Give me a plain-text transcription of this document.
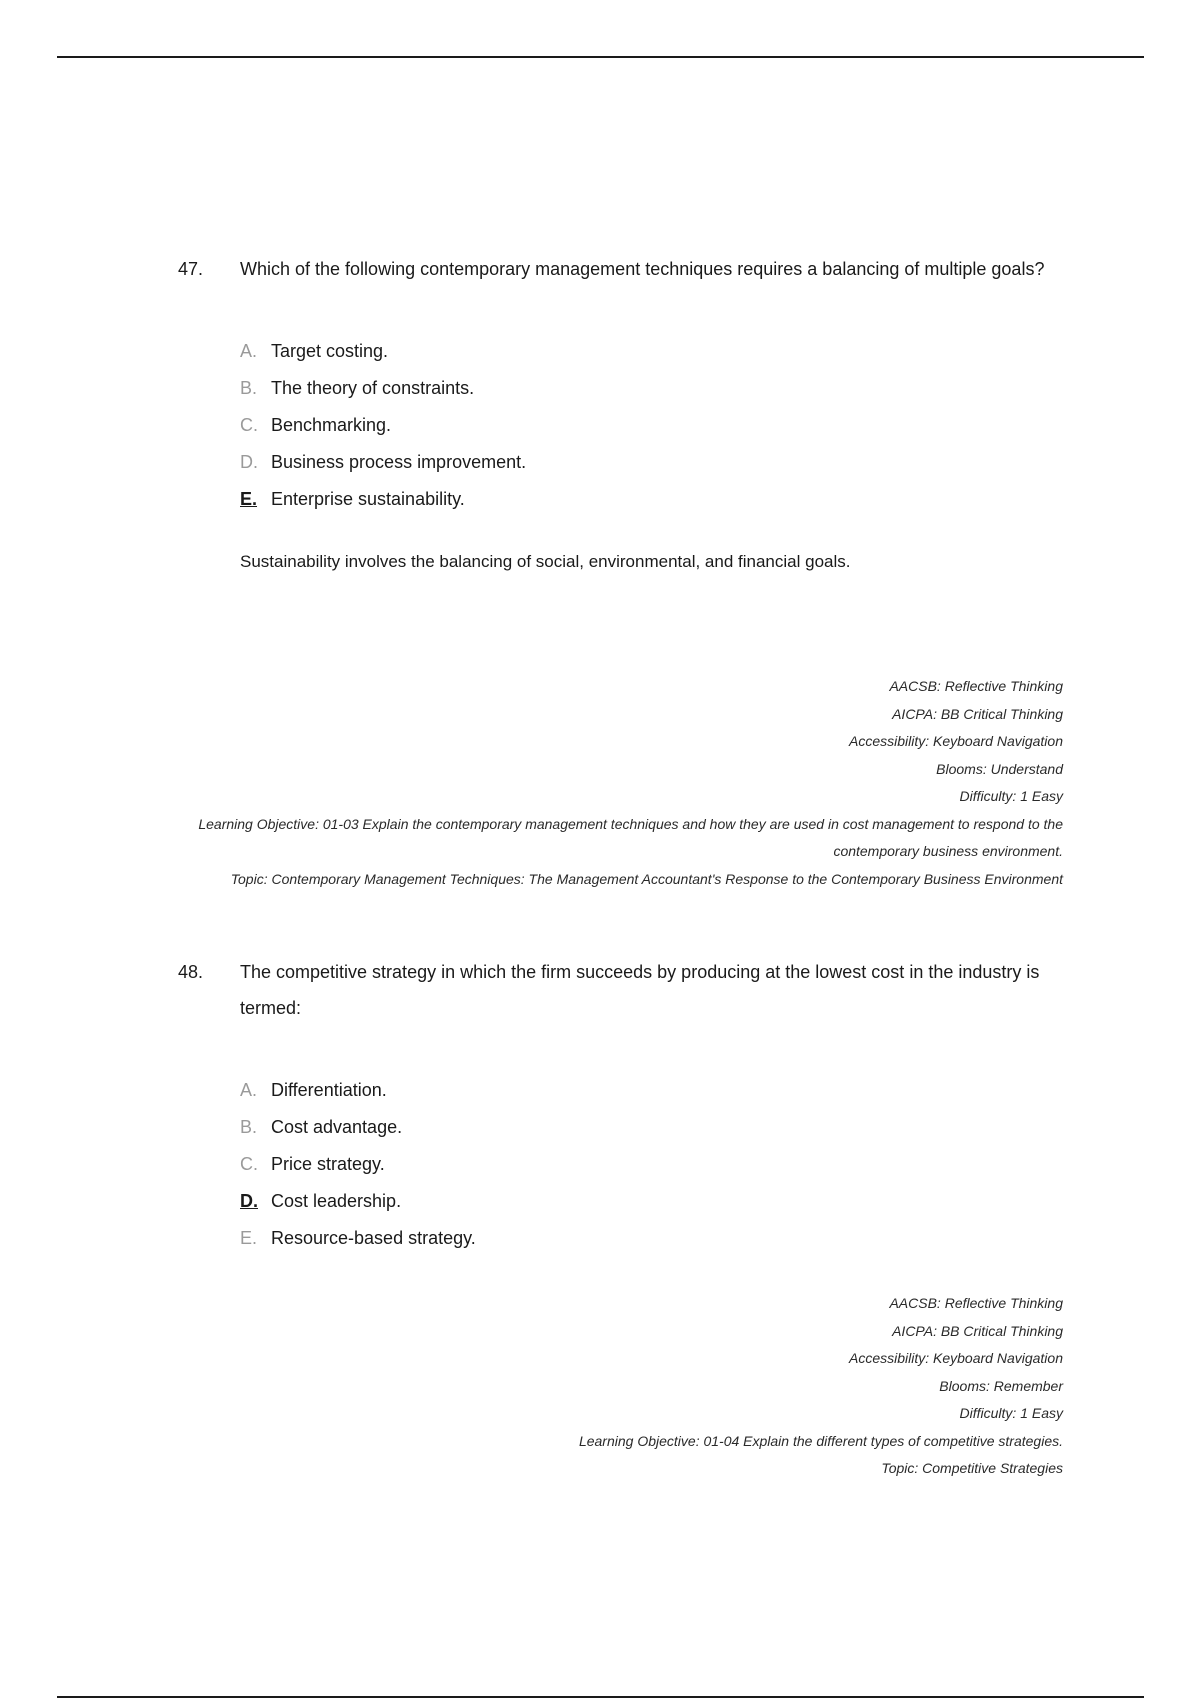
47. Which of the following contemporary management techniques requires a balancing of multiple goals?
A. Target costing.
B. The theory of constraints.
C. Benchmarking.
D. Business process improvement.
E. Enterprise sustainability.
Sustainability involves the balancing of social, environmental, and financial goals.
AACSB: Reflective Thinking
AICPA: BB Critical Thinking
Accessibility: Keyboard Navigation
Blooms: Understand
Difficulty: 1 Easy
Learning Objective: 01-03 Explain the contemporary management techniques and how they are used in cost management to respond to the contemporary business environment.
Topic: Contemporary Management Techniques: The Management Accountant's Response to the Contemporary Business Environment
48. The competitive strategy in which the firm succeeds by producing at the lowest cost in the industry is termed:
A. Differentiation.
B. Cost advantage.
C. Price strategy.
D. Cost leadership.
E. Resource-based strategy.
AACSB: Reflective Thinking
AICPA: BB Critical Thinking
Accessibility: Keyboard Navigation
Blooms: Remember
Difficulty: 1 Easy
Learning Objective: 01-04 Explain the different types of competitive strategies.
Topic: Competitive Strategies
